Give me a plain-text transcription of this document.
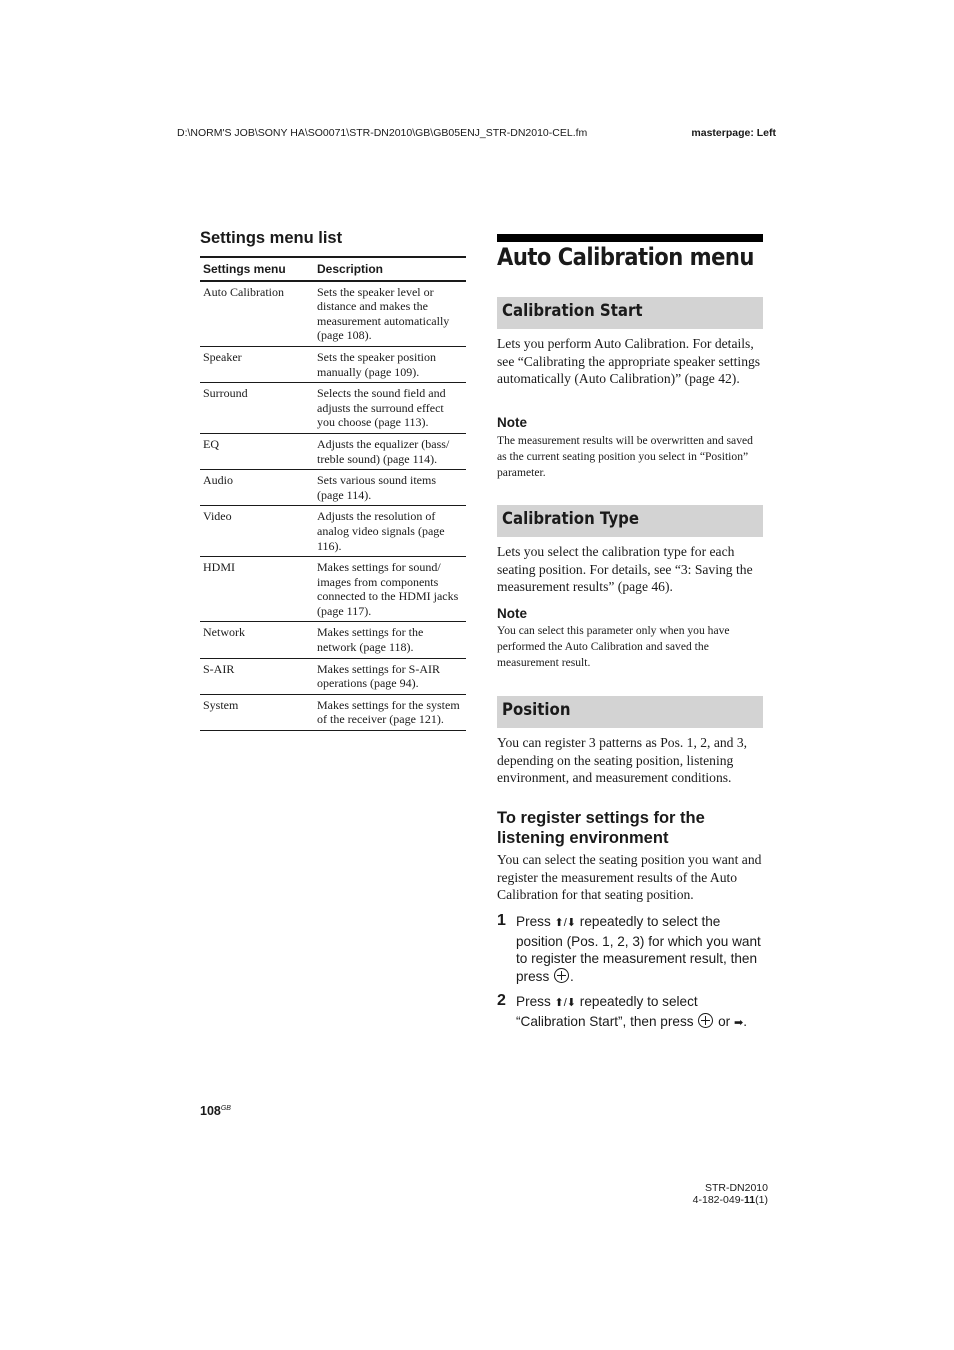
D:\NORM'S JOB\SONY HA\SO0071\STR-DN2010\GB\GB05ENJ_STR-DN2010-CEL.fm	masterpage: Left
Settings menu list
Settings menu	Description
Auto Calibration	Sets the speaker level or distance and makes the measurement automatically (page 108).
Speaker	Sets the speaker position manually (page 109).
Surround	Selects the sound field and adjusts the surround effect you choose (page 113).
EQ	Adjusts the equalizer (bass/ treble sound) (page 114).
Audio	Sets various sound items (page 114).
Video	Adjusts the resolution of analog video signals (page 116).
HDMI	Makes settings for sound/ images from components connected to the HDMI jacks (page 117).
Network	Makes settings for the network (page 118).
S-AIR	Makes settings for S-AIR operations (page 94).
System	Makes settings for the system of the receiver (page 121).
Auto Calibration menu
Calibration Start
Lets you perform Auto Calibration. For details, see “Calibrating the appropriate speaker settings automatically (Auto Calibration)” (page 42).
Note
The measurement results will be overwritten and saved as the current seating position you select in “Position” parameter.
Calibration Type
Lets you select the calibration type for each seating position. For details, see “3: Saving the measurement results” (page 46).
Note
You can select this parameter only when you have performed the Auto Calibration and saved the measurement result.
Position
You can register 3 patterns as Pos. 1, 2, and 3, depending on the seating position, listening environment, and measurement conditions.
To register settings for the listening environment
You can select the seating position you want and register the measurement results of the Auto Calibration for that seating position.
1 Press ⬆/⬇ repeatedly to select the position (Pos. 1, 2, 3) for which you want to register the measurement result, then press .
2 Press ⬆/⬇ repeatedly to select “Calibration Start”, then press  or ➡.
$108^{GB}$
STR-DN2010
4-182-049-11(1)
